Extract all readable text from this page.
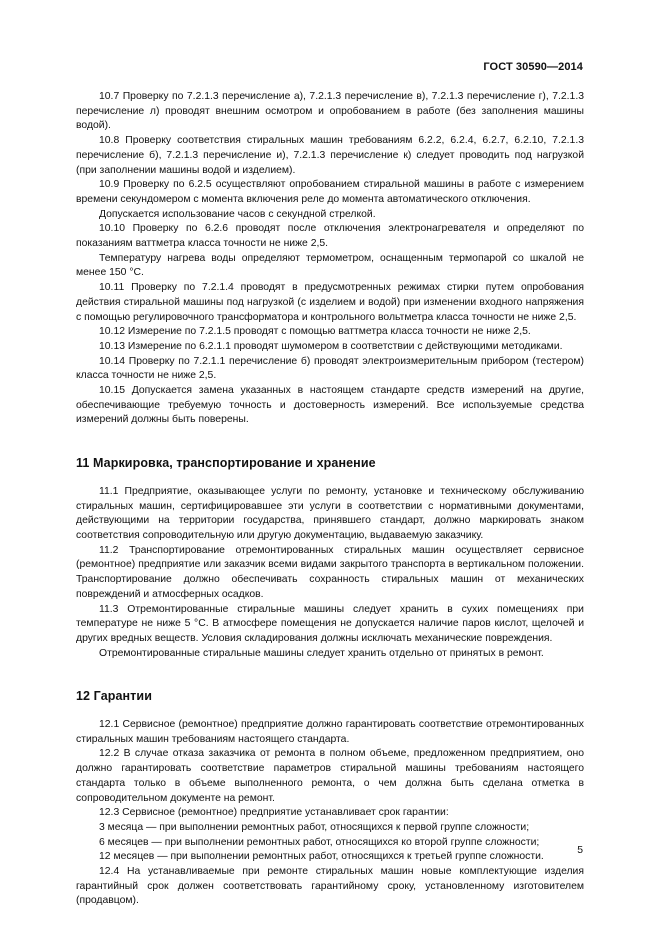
ГОСТ 30590—2014

10.7 Проверку по 7.2.1.3 перечисление а), 7.2.1.3 перечисление в), 7.2.1.3 перечисление г), 7.2.1.3 перечисление л) проводят внешним осмотром и опробованием в работе (без заполнения машины водой).

10.8 Проверку соответствия стиральных машин требованиям 6.2.2, 6.2.4, 6.2.7, 6.2.10, 7.2.1.3 перечисление б), 7.2.1.3 перечисление и), 7.2.1.3 перечисление к) следует проводить под нагрузкой (при заполнении машины водой и изделием).

10.9 Проверку по 6.2.5 осуществляют опробованием стиральной машины в работе с измерением времени секундомером с момента включения реле до момента автоматического отключения.

Допускается использование часов с секундной стрелкой.

10.10 Проверку по 6.2.6 проводят после отключения электронагревателя и определяют по показаниям ваттметра класса точности не ниже 2,5.

Температуру нагрева воды определяют термометром, оснащенным термопарой со шкалой не менее 150 °С.

10.11 Проверку по 7.2.1.4 проводят в предусмотренных режимах стирки путем опробования действия стиральной машины под нагрузкой (с изделием и водой) при изменении входного напряжения с помощью регулировочного трансформатора и контрольного вольтметра класса точности не ниже 2,5.

10.12 Измерение по 7.2.1.5 проводят с помощью ваттметра класса точности не ниже 2,5.

10.13 Измерение по 6.2.1.1 проводят шумомером в соответствии с действующими методиками.

10.14 Проверку по 7.2.1.1 перечисление б) проводят электроизмерительным прибором (тестером) класса точности не ниже 2,5.

10.15 Допускается замена указанных в настоящем стандарте средств измерений на другие, обеспечивающие требуемую точность и достоверность измерений. Все используемые средства измерений должны быть поверены.

11 Маркировка, транспортирование и хранение

11.1 Предприятие, оказывающее услуги по ремонту, установке и техническому обслуживанию стиральных машин, сертифицировавшее эти услуги в соответствии с нормативными документами, действующими на территории государства, принявшего стандарт, должно маркировать знаком соответствия сопроводительную или другую документацию, выдаваемую заказчику.

11.2 Транспортирование отремонтированных стиральных машин осуществляет сервисное (ремонтное) предприятие или заказчик всеми видами закрытого транспорта в вертикальном положении. Транспортирование должно обеспечивать сохранность стиральных машин от механических повреждений и атмосферных осадков.

11.3 Отремонтированные стиральные машины следует хранить в сухих помещениях при температуре не ниже 5 °С. В атмосфере помещения не допускается наличие паров кислот, щелочей и других вредных веществ. Условия складирования должны исключать механические повреждения.

Отремонтированные стиральные машины следует хранить отдельно от принятых в ремонт.

12 Гарантии

12.1 Сервисное (ремонтное) предприятие должно гарантировать соответствие отремонтированных стиральных машин требованиям настоящего стандарта.

12.2 В случае отказа заказчика от ремонта в полном объеме, предложенном предприятием, оно должно гарантировать соответствие параметров стиральной машины требованиям настоящего стандарта только в объеме выполненного ремонта, о чем должна быть сделана отметка в сопроводительном документе на ремонт.

12.3 Сервисное (ремонтное) предприятие устанавливает срок гарантии:

3 месяца — при выполнении ремонтных работ, относящихся к первой группе сложности;

6 месяцев — при выполнении ремонтных работ, относящихся ко второй группе сложности;

12 месяцев — при выполнении ремонтных работ, относящихся к третьей группе сложности.

12.4 На устанавливаемые при ремонте стиральных машин новые комплектующие изделия гарантийный срок должен соответствовать гарантийному сроку, установленному изготовителем (продавцом).

5
